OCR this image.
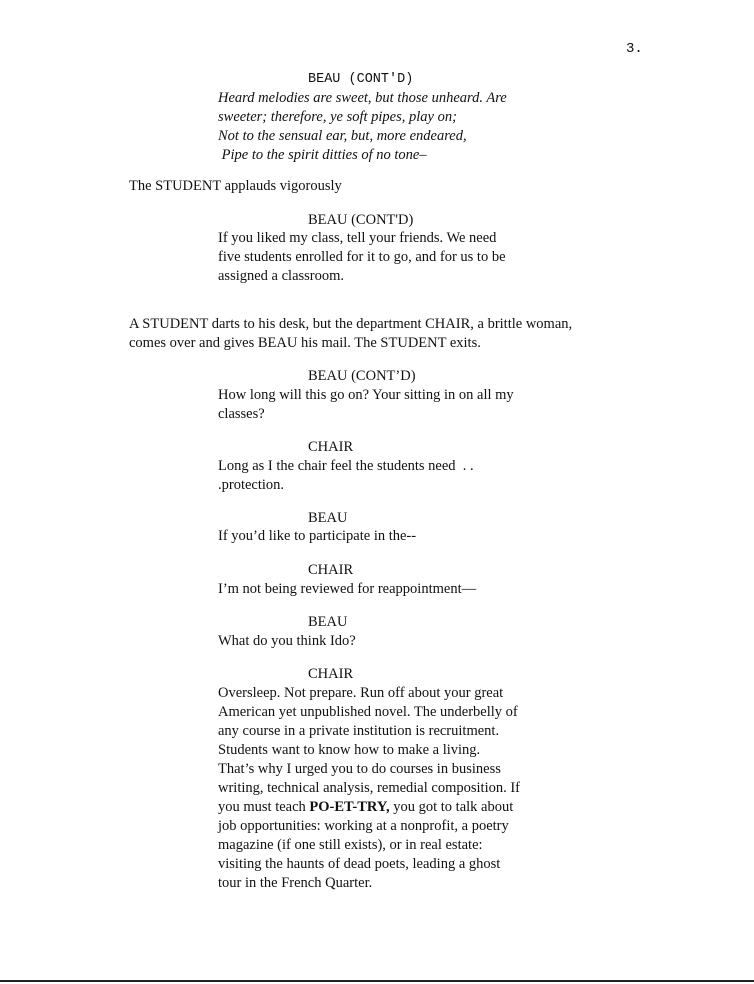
3.
BEAU (CONT'D)
Heard melodies are sweet, but those unheard. Are
sweeter; therefore, ye soft pipes, play on;
Not to the sensual ear, but, more endeared,
Pipe to the spirit ditties of no tone–
The STUDENT applauds vigorously
BEAU (CONT'D)
If you liked my class, tell your friends. We need
five students enrolled for it to go, and for us to be
assigned a classroom.
A STUDENT darts to his desk, but the department CHAIR, a brittle woman,
comes over and gives BEAU his mail. The STUDENT exits.
BEAU (CONT’D)
How long will this go on? Your sitting in on all my
classes?
CHAIR
Long as I the chair feel the students need  . .
.protection.
BEAU
If you’d like to participate in the--
CHAIR
I’m not being reviewed for reappointment—
BEAU
What do you think Ido?
CHAIR
Oversleep. Not prepare. Run off about your great
American yet unpublished novel. The underbelly of
any course in a private institution is recruitment.
Students want to know how to make a living.
That’s why I urged you to do courses in business
writing, technical analysis, remedial composition. If
you must teach PO-ET-TRY, you got to talk about
job opportunities: working at a nonprofit, a poetry
magazine (if one still exists), or in real estate:
visiting the haunts of dead poets, leading a ghost
tour in the French Quarter.
